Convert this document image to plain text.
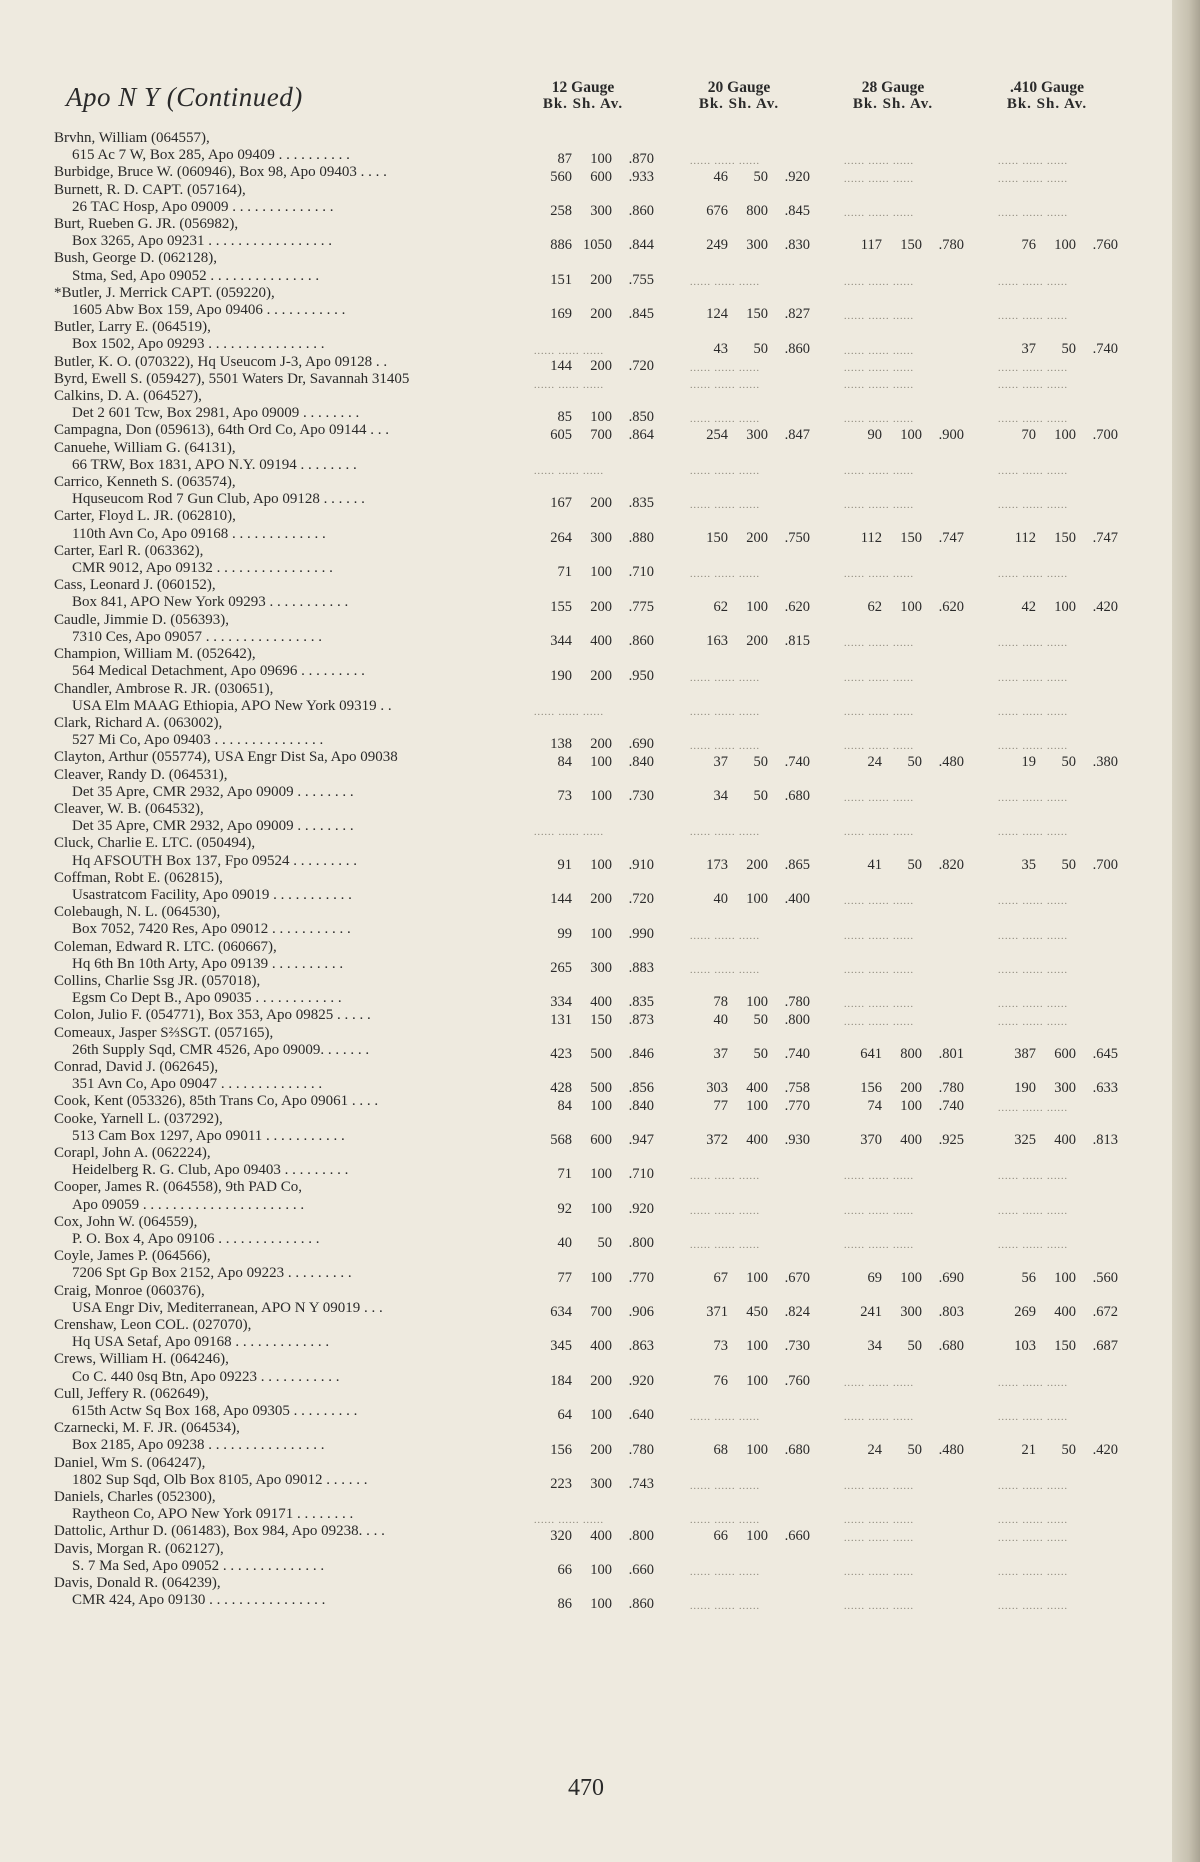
Apo N Y (Continued)	12 Gauge
Bk. Sh. Av.
20 Gauge
Bk. Sh. Av.
28 Gauge
Bk. Sh. Av.
.410 Gauge
Bk. Sh. Av.
Brvhn, William (064557),
615 Ac 7 W, Box 285, Apo 09409 . . . . . . . . . .	87 100 .870	...... ...... ......	...... ...... ......	...... ...... ......
Burbidge, Bruce W. (060946), Box 98, Apo 09403 . . . .	560 600 .933	46 50 .920	...... ...... ......	...... ...... ......
Burnett, R. D. CAPT. (057164),
26 TAC Hosp, Apo 09009 . . . . . . . . . . . . . .	258 300 .860	676 800 .845	...... ...... ......	...... ...... ......
Burt, Rueben G. JR. (056982),
Box 3265, Apo 09231 . . . . . . . . . . . . . . . . .	886 1050 .844	249 300 .830	117 150 .780	76 100 .760
Bush, George D. (062128),
Stma, Sed, Apo 09052 . . . . . . . . . . . . . . .	151 200 .755	...... ...... ......	...... ...... ......	...... ...... ......
*Butler, J. Merrick CAPT. (059220),
1605 Abw Box 159, Apo 09406 . . . . . . . . . . .	169 200 .845	124 150 .827	...... ...... ......	...... ...... ......
Butler, Larry E. (064519),
Box 1502, Apo 09293 . . . . . . . . . . . . . . . .	...... ...... ......	43 50 .860	...... ...... ......	37 50 .740
Butler, K. O. (070322), Hq Useucom J-3, Apo 09128 . .	144 200 .720	...... ...... ......	...... ...... ......	...... ...... ......
Byrd, Ewell S. (059427), 5501 Waters Dr, Savannah 31405	...... ...... ......	...... ...... ......	...... ...... ......	...... ...... ......
Calkins, D. A. (064527),
Det 2 601 Tcw, Box 2981, Apo 09009 . . . . . . . .	85 100 .850	...... ...... ......	...... ...... ......	...... ...... ......
Campagna, Don (059613), 64th Ord Co, Apo 09144 . . .	605 700 .864	254 300 .847	90 100 .900	70 100 .700
Canuehe, William G. (64131),
66 TRW, Box 1831, APO N.Y. 09194 . . . . . . . .	...... ...... ......	...... ...... ......	...... ...... ......	...... ...... ......
Carrico, Kenneth S. (063574),
Hquseucom Rod 7 Gun Club, Apo 09128 . . . . . .	167 200 .835	...... ...... ......	...... ...... ......	...... ...... ......
Carter, Floyd L. JR. (062810),
110th Avn Co, Apo 09168 . . . . . . . . . . . . .	264 300 .880	150 200 .750	112 150 .747	112 150 .747
Carter, Earl R. (063362),
CMR 9012, Apo 09132 . . . . . . . . . . . . . . . .	71 100 .710	...... ...... ......	...... ...... ......	...... ...... ......
Cass, Leonard J. (060152),
Box 841, APO New York 09293 . . . . . . . . . . .	155 200 .775	62 100 .620	62 100 .620	42 100 .420
Caudle, Jimmie D. (056393),
7310 Ces, Apo 09057 . . . . . . . . . . . . . . . .	344 400 .860	163 200 .815	...... ...... ......	...... ...... ......
Champion, William M. (052642),
564 Medical Detachment, Apo 09696 . . . . . . . . .	190 200 .950	...... ...... ......	...... ...... ......	...... ...... ......
Chandler, Ambrose R. JR. (030651),
USA Elm MAAG Ethiopia, APO New York 09319 . .	...... ...... ......	...... ...... ......	...... ...... ......	...... ...... ......
Clark, Richard A. (063002),
527 Mi Co, Apo 09403 . . . . . . . . . . . . . . .	138 200 .690	...... ...... ......	...... ...... ......	...... ...... ......
Clayton, Arthur (055774), USA Engr Dist Sa, Apo 09038	84 100 .840	37 50 .740	24 50 .480	19 50 .380
Cleaver, Randy D. (064531),
Det 35 Apre, CMR 2932, Apo 09009 . . . . . . . .	73 100 .730	34 50 .680	...... ...... ......	...... ...... ......
Cleaver, W. B. (064532),
Det 35 Apre, CMR 2932, Apo 09009 . . . . . . . .	...... ...... ......	...... ...... ......	...... ...... ......	...... ...... ......
Cluck, Charlie E. LTC. (050494),
Hq AFSOUTH Box 137, Fpo 09524 . . . . . . . . .	91 100 .910	173 200 .865	41 50 .820	35 50 .700
Coffman, Robt E. (062815),
Usastratcom Facility, Apo 09019 . . . . . . . . . . .	144 200 .720	40 100 .400	...... ...... ......	...... ...... ......
Colebaugh, N. L. (064530),
Box 7052, 7420 Res, Apo 09012 . . . . . . . . . . .	99 100 .990	...... ...... ......	...... ...... ......	...... ...... ......
Coleman, Edward R. LTC. (060667),
Hq 6th Bn 10th Arty, Apo 09139 . . . . . . . . . .	265 300 .883	...... ...... ......	...... ...... ......	...... ...... ......
Collins, Charlie Ssg JR. (057018),
Egsm Co Dept B., Apo 09035 . . . . . . . . . . . .	334 400 .835	78 100 .780	...... ...... ......	...... ...... ......
Colon, Julio F. (054771), Box 353, Apo 09825 . . . . .	131 150 .873	40 50 .800	...... ...... ......	...... ...... ......
Comeaux, Jasper S⅔SGT. (057165),
26th Supply Sqd, CMR 4526, Apo 09009. . . . . . .	423 500 .846	37 50 .740	641 800 .801	387 600 .645
Conrad, David J. (062645),
351 Avn Co, Apo 09047 . . . . . . . . . . . . . .	428 500 .856	303 400 .758	156 200 .780	190 300 .633
Cook, Kent (053326), 85th Trans Co, Apo 09061 . . . .	84 100 .840	77 100 .770	74 100 .740	...... ...... ......
Cooke, Yarnell L. (037292),
513 Cam Box 1297, Apo 09011 . . . . . . . . . . .	568 600 .947	372 400 .930	370 400 .925	325 400 .813
Corapl, John A. (062224),
Heidelberg R. G. Club, Apo 09403 . . . . . . . . .	71 100 .710	...... ...... ......	...... ...... ......	...... ...... ......
Cooper, James R. (064558), 9th PAD Co,
Apo 09059 . . . . . . . . . . . . . . . . . . . . . .	92 100 .920	...... ...... ......	...... ...... ......	...... ...... ......
Cox, John W. (064559),
P. O. Box 4, Apo 09106 . . . . . . . . . . . . . .	40 50 .800	...... ...... ......	...... ...... ......	...... ...... ......
Coyle, James P. (064566),
7206 Spt Gp Box 2152, Apo 09223 . . . . . . . . .	77 100 .770	67 100 .670	69 100 .690	56 100 .560
Craig, Monroe (060376),
USA Engr Div, Mediterranean, APO N Y 09019 . . .	634 700 .906	371 450 .824	241 300 .803	269 400 .672
Crenshaw, Leon COL. (027070),
Hq USA Setaf, Apo 09168 . . . . . . . . . . . . .	345 400 .863	73 100 .730	34 50 .680	103 150 .687
Crews, William H. (064246),
Co C. 440 0sq Btn, Apo 09223 . . . . . . . . . . .	184 200 .920	76 100 .760	...... ...... ......	...... ...... ......
Cull, Jeffery R. (062649),
615th Actw Sq Box 168, Apo 09305 . . . . . . . . .	64 100 .640	...... ...... ......	...... ...... ......	...... ...... ......
Czarnecki, M. F. JR. (064534),
Box 2185, Apo 09238 . . . . . . . . . . . . . . . .	156 200 .780	68 100 .680	24 50 .480	21 50 .420
Daniel, Wm S. (064247),
1802 Sup Sqd, Olb Box 8105, Apo 09012 . . . . . .	223 300 .743	...... ...... ......	...... ...... ......	...... ...... ......
Daniels, Charles (052300),
Raytheon Co, APO New York 09171 . . . . . . . .	...... ...... ......	...... ...... ......	...... ...... ......	...... ...... ......
Dattolic, Arthur D. (061483), Box 984, Apo 09238. . . .	320 400 .800	66 100 .660	...... ...... ......	...... ...... ......
Davis, Morgan R. (062127),
S. 7 Ma Sed, Apo 09052 . . . . . . . . . . . . . .	66 100 .660	...... ...... ......	...... ...... ......	...... ...... ......
Davis, Donald R. (064239),
CMR 424, Apo 09130 . . . . . . . . . . . . . . . .	86 100 .860	...... ...... ......	...... ...... ......	...... ...... ......
470
